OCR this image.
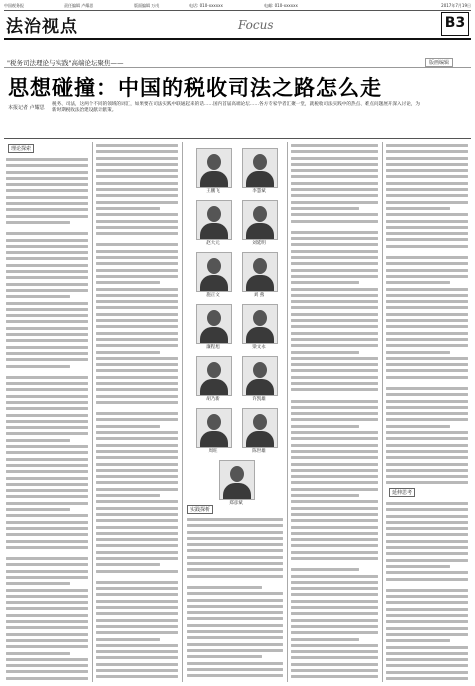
中国税务报	责任编辑 卢耀思	版面编辑 万戌	电话: 010-xxxxxx	电邮: 010-xxxxxx	2017年7月19日
法治视点	Focus	B3
"税务司法理论与实践"高端论坛聚焦——	版画编辑
思想碰撞：中国的税收司法之路怎么走
本报记者 卢耀思
税务、司法，这两个不同的领域的词汇，如果要在司法实践中联通起来的话……国内首届高端论坛……各方专家学者汇聚一堂，就税收司法实践中的热点、难点问题展开深入讨论，为新时期税收法治建设献计献策。
理论探索
实践探析
延伸思考
王鹏飞	李慧斌
赵大元	刘延明
施正文	刘 燕
廉程旭	梁文永
胡乃新	许凯雄
周旺	陈世雄
郑彦斌
